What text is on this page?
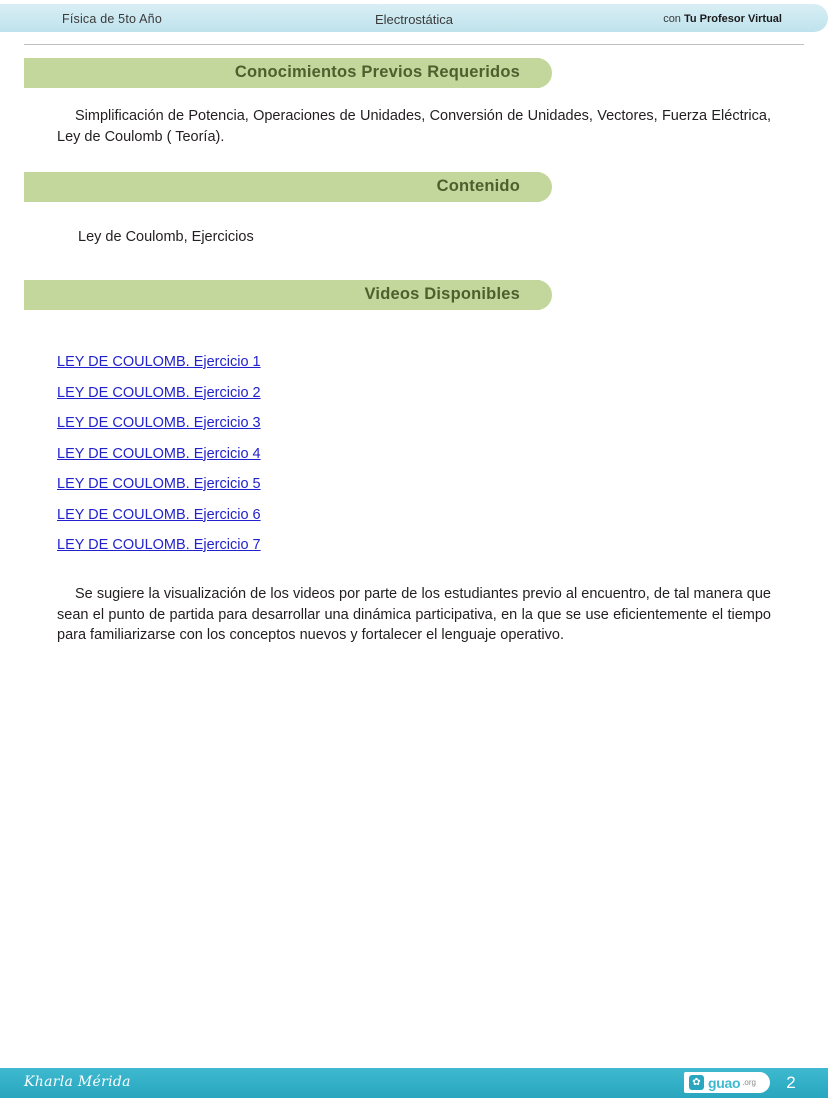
Física de 5to Año	Electrostática	con Tu Profesor Virtual
Conocimientos Previos Requeridos
Simplificación de Potencia, Operaciones de Unidades, Conversión de Unidades, Vectores, Fuerza Eléctrica, Ley de Coulomb ( Teoría).
Contenido
Ley de Coulomb, Ejercicios
Videos Disponibles
LEY DE COULOMB. Ejercicio 1
LEY DE COULOMB. Ejercicio 2
LEY DE COULOMB. Ejercicio 3
LEY DE COULOMB. Ejercicio 4
LEY DE COULOMB. Ejercicio 5
LEY DE COULOMB. Ejercicio 6
LEY DE COULOMB. Ejercicio 7
Se sugiere la visualización de los videos por parte de los estudiantes previo al encuentro, de tal manera que sean el punto de partida para desarrollar una dinámica participativa, en la que se use eficientemente el tiempo para familiarizarse con los conceptos nuevos y fortalecer el lenguaje operativo.
Kharla Mérida	✿ guao .org	2
